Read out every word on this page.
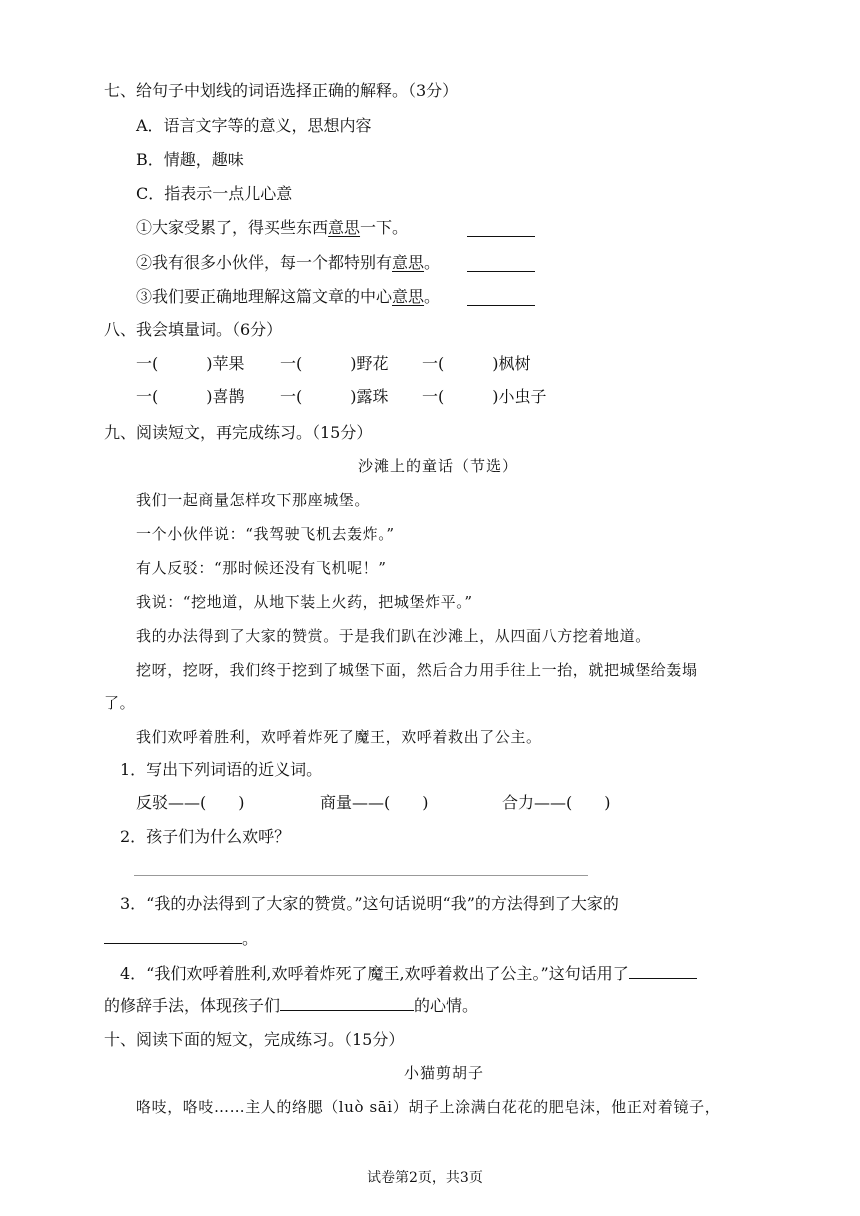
七、给句子中划线的词语选择正确的解释。（3分）
A．语言文字等的意义，思想内容
B．情趣，趣味
C．指表示一点儿心意
①大家受累了，得买些东西意思一下。
②我有很多小伙伴，每一个都特别有意思。
③我们要正确地理解这篇文章的中心意思。
八、我会填量词。（6分）
一(　　　)苹果 一(　　　)野花 一(　　　)枫树
一(　　　)喜鹊 一(　　　)露珠 一(　　　)小虫子
九、阅读短文，再完成练习。（15分）
沙滩上的童话（节选）
我们一起商量怎样攻下那座城堡。
一个小伙伴说：“我驾驶飞机去轰炸。”
有人反驳：“那时候还没有飞机呢！”
我说：“挖地道，从地下装上火药，把城堡炸平。”
我的办法得到了大家的赞赏。于是我们趴在沙滩上，从四面八方挖着地道。
挖呀，挖呀，我们终于挖到了城堡下面，然后合力用手往上一抬，就把城堡给轰塌
了。
我们欢呼着胜利，欢呼着炸死了魔王，欢呼着救出了公主。
1．写出下列词语的近义词。
反驳——(　　)	商量——(　　)	合力——(　　)
2．孩子们为什么欢呼？
3．“我的办法得到了大家的赞赏。”这句话说明“我”的方法得到了大家的
。
4．“我们欢呼着胜利,欢呼着炸死了魔王,欢呼着救出了公主。”这句话用了
的修辞手法，体现孩子们	的心情。
十、阅读下面的短文，完成练习。（15分）
小猫剪胡子
咯吱，咯吱……主人的络腮（luò sāi）胡子上涂满白花花的肥皂沫，他正对着镜子，
试卷第2页，共3页
